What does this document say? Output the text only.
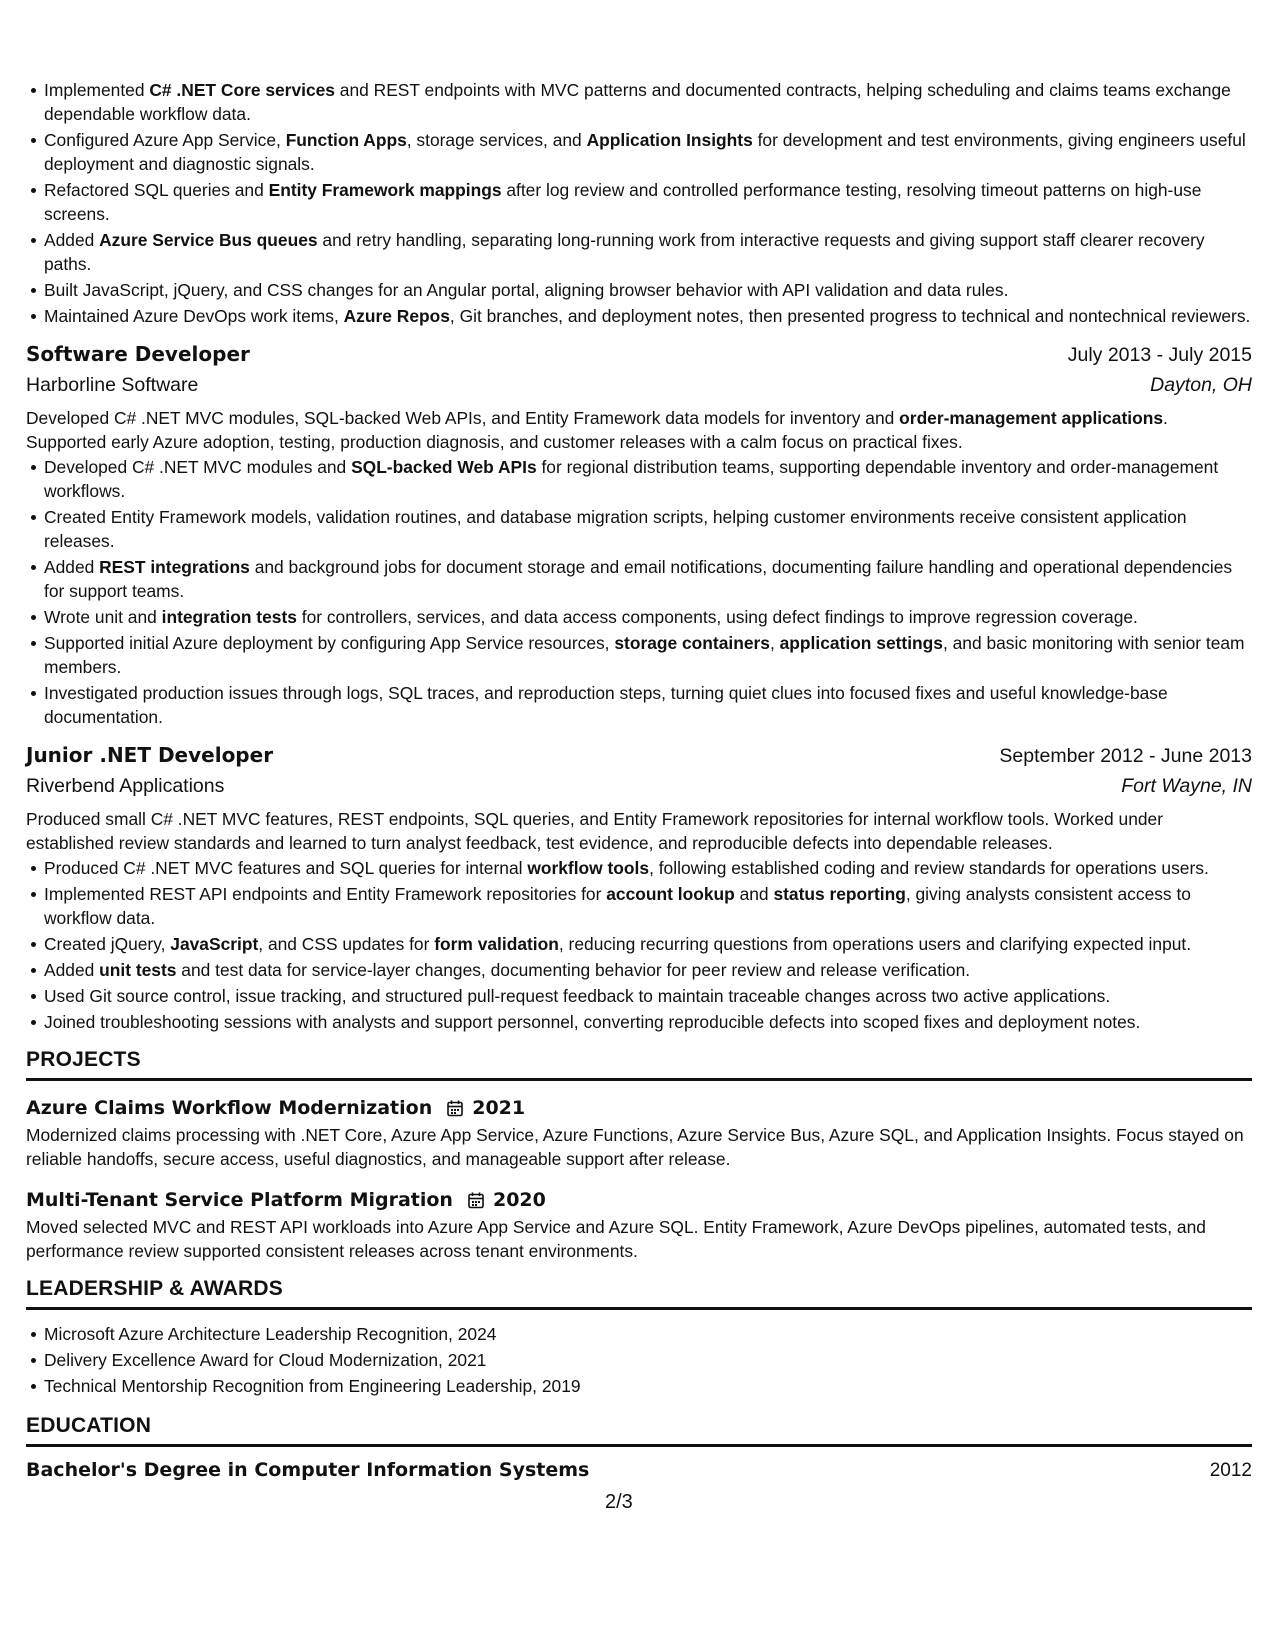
Implemented C# .NET Core services and REST endpoints with MVC patterns and documented contracts, helping scheduling and claims teams exchange dependable workflow data.
Configured Azure App Service, Function Apps, storage services, and Application Insights for development and test environments, giving engineers useful deployment and diagnostic signals.
Refactored SQL queries and Entity Framework mappings after log review and controlled performance testing, resolving timeout patterns on high-use screens.
Added Azure Service Bus queues and retry handling, separating long-running work from interactive requests and giving support staff clearer recovery paths.
Built JavaScript, jQuery, and CSS changes for an Angular portal, aligning browser behavior with API validation and data rules.
Maintained Azure DevOps work items, Azure Repos, Git branches, and deployment notes, then presented progress to technical and nontechnical reviewers.
Software Developer	July 2013 - July 2015
Harborline Software	Dayton, OH
Developed C# .NET MVC modules, SQL-backed Web APIs, and Entity Framework data models for inventory and order-management applications. Supported early Azure adoption, testing, production diagnosis, and customer releases with a calm focus on practical fixes.
Developed C# .NET MVC modules and SQL-backed Web APIs for regional distribution teams, supporting dependable inventory and order-management workflows.
Created Entity Framework models, validation routines, and database migration scripts, helping customer environments receive consistent application releases.
Added REST integrations and background jobs for document storage and email notifications, documenting failure handling and operational dependencies for support teams.
Wrote unit and integration tests for controllers, services, and data access components, using defect findings to improve regression coverage.
Supported initial Azure deployment by configuring App Service resources, storage containers, application settings, and basic monitoring with senior team members.
Investigated production issues through logs, SQL traces, and reproduction steps, turning quiet clues into focused fixes and useful knowledge-base documentation.
Junior .NET Developer	September 2012 - June 2013
Riverbend Applications	Fort Wayne, IN
Produced small C# .NET MVC features, REST endpoints, SQL queries, and Entity Framework repositories for internal workflow tools. Worked under established review standards and learned to turn analyst feedback, test evidence, and reproducible defects into dependable releases.
Produced C# .NET MVC features and SQL queries for internal workflow tools, following established coding and review standards for operations users.
Implemented REST API endpoints and Entity Framework repositories for account lookup and status reporting, giving analysts consistent access to workflow data.
Created jQuery, JavaScript, and CSS updates for form validation, reducing recurring questions from operations users and clarifying expected input.
Added unit tests and test data for service-layer changes, documenting behavior for peer review and release verification.
Used Git source control, issue tracking, and structured pull-request feedback to maintain traceable changes across two active applications.
Joined troubleshooting sessions with analysts and support personnel, converting reproducible defects into scoped fixes and deployment notes.
PROJECTS
Azure Claims Workflow Modernization 2021
Modernized claims processing with .NET Core, Azure App Service, Azure Functions, Azure Service Bus, Azure SQL, and Application Insights. Focus stayed on reliable handoffs, secure access, useful diagnostics, and manageable support after release.
Multi-Tenant Service Platform Migration 2020
Moved selected MVC and REST API workloads into Azure App Service and Azure SQL. Entity Framework, Azure DevOps pipelines, automated tests, and performance review supported consistent releases across tenant environments.
LEADERSHIP & AWARDS
Microsoft Azure Architecture Leadership Recognition, 2024
Delivery Excellence Award for Cloud Modernization, 2021
Technical Mentorship Recognition from Engineering Leadership, 2019
EDUCATION
Bachelor's Degree in Computer Information Systems	2012
2/3
